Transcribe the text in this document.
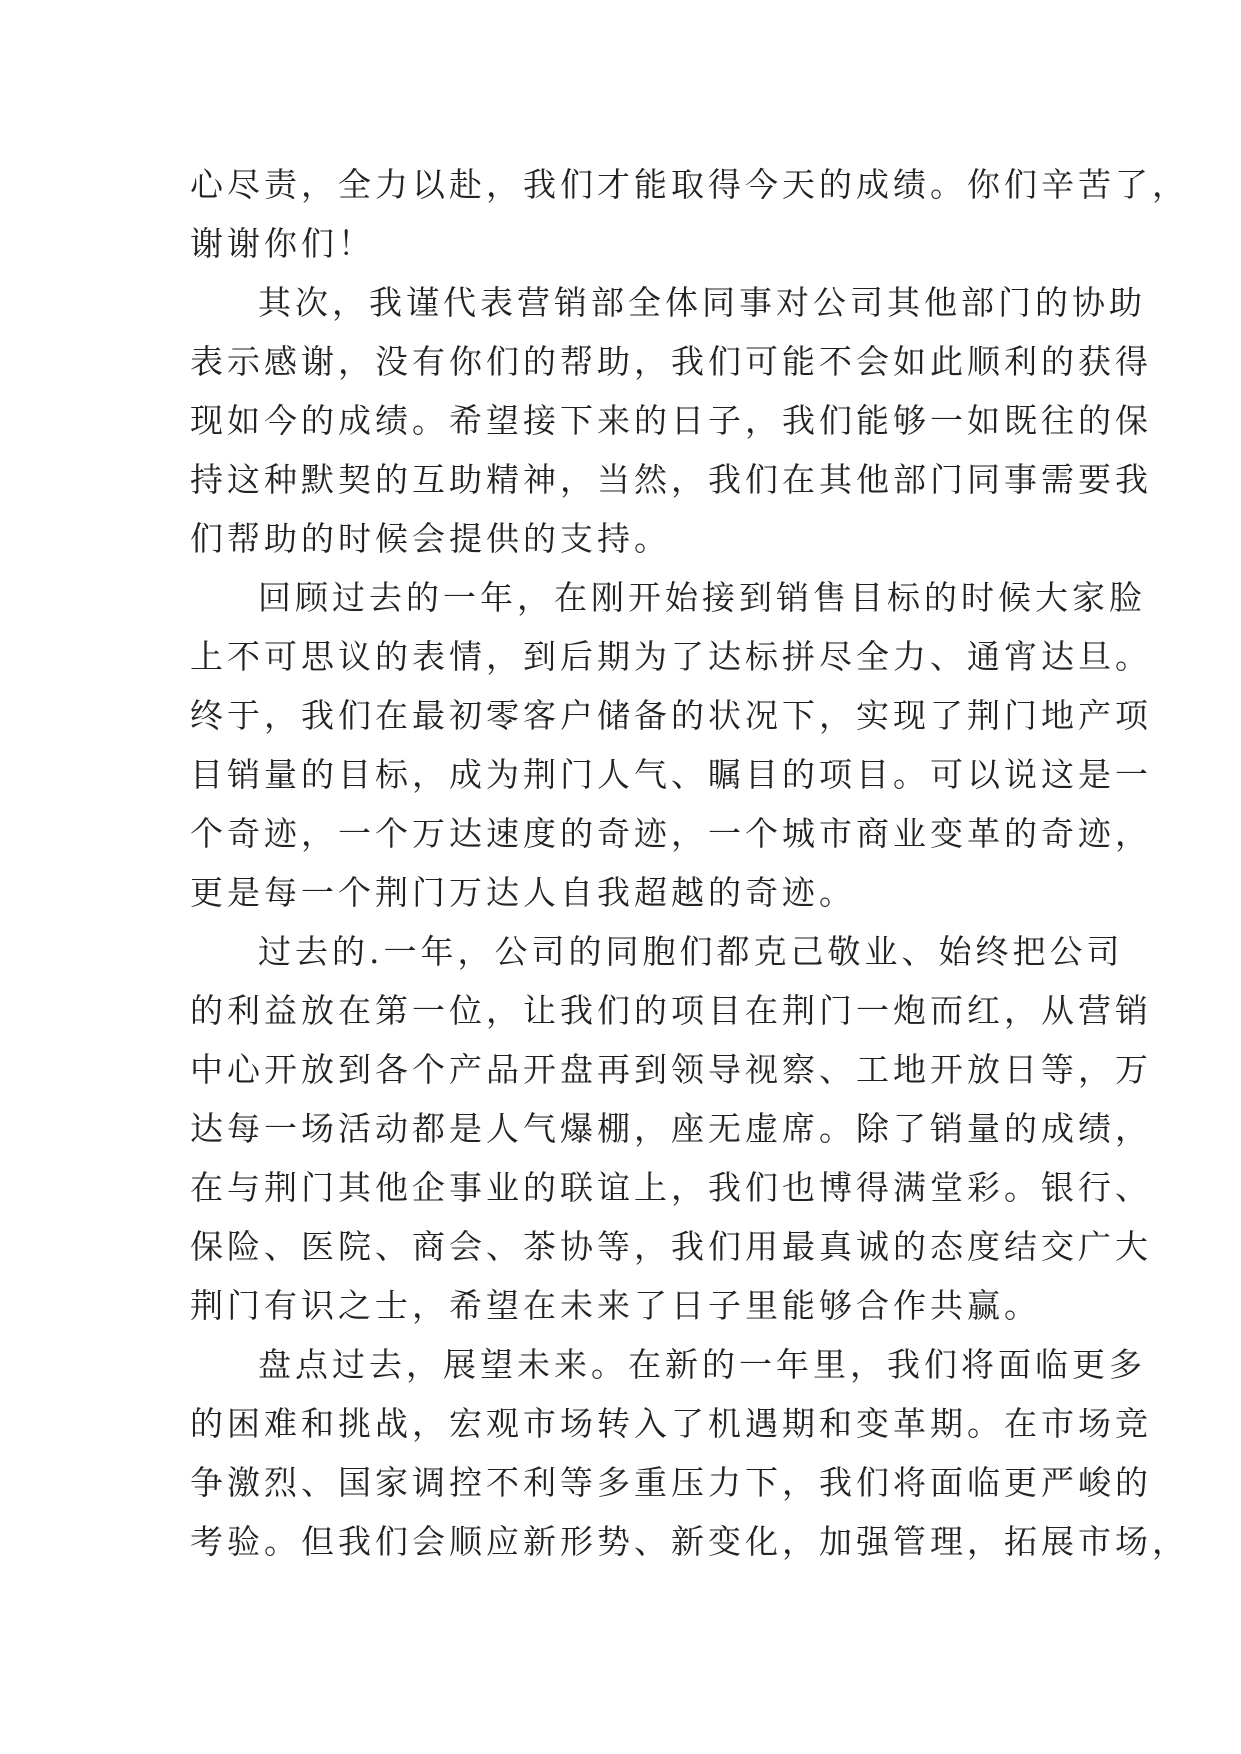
心尽责，全力以赴，我们才能取得今天的成绩。你们辛苦了，
谢谢你们！

其次，我谨代表营销部全体同事对公司其他部门的协助
表示感谢，没有你们的帮助，我们可能不会如此顺利的获得
现如今的成绩。希望接下来的日子，我们能够一如既往的保
持这种默契的互助精神，当然，我们在其他部门同事需要我
们帮助的时候会提供的支持。

回顾过去的一年，在刚开始接到销售目标的时候大家脸
上不可思议的表情，到后期为了达标拼尽全力、通宵达旦。
终于，我们在最初零客户储备的状况下，实现了荆门地产项
目销量的目标，成为荆门人气、瞩目的项目。可以说这是一
个奇迹，一个万达速度的奇迹，一个城市商业变革的奇迹，
更是每一个荆门万达人自我超越的奇迹。

过去的.一年，公司的同胞们都克己敬业、始终把公司
的利益放在第一位，让我们的项目在荆门一炮而红，从营销
中心开放到各个产品开盘再到领导视察、工地开放日等，万
达每一场活动都是人气爆棚，座无虚席。除了销量的成绩，
在与荆门其他企事业的联谊上，我们也博得满堂彩。银行、
保险、医院、商会、茶协等，我们用最真诚的态度结交广大
荆门有识之士，希望在未来了日子里能够合作共赢。

盘点过去，展望未来。在新的一年里，我们将面临更多
的困难和挑战，宏观市场转入了机遇期和变革期。在市场竞
争激烈、国家调控不利等多重压力下，我们将面临更严峻的
考验。但我们会顺应新形势、新变化，加强管理，拓展市场，
